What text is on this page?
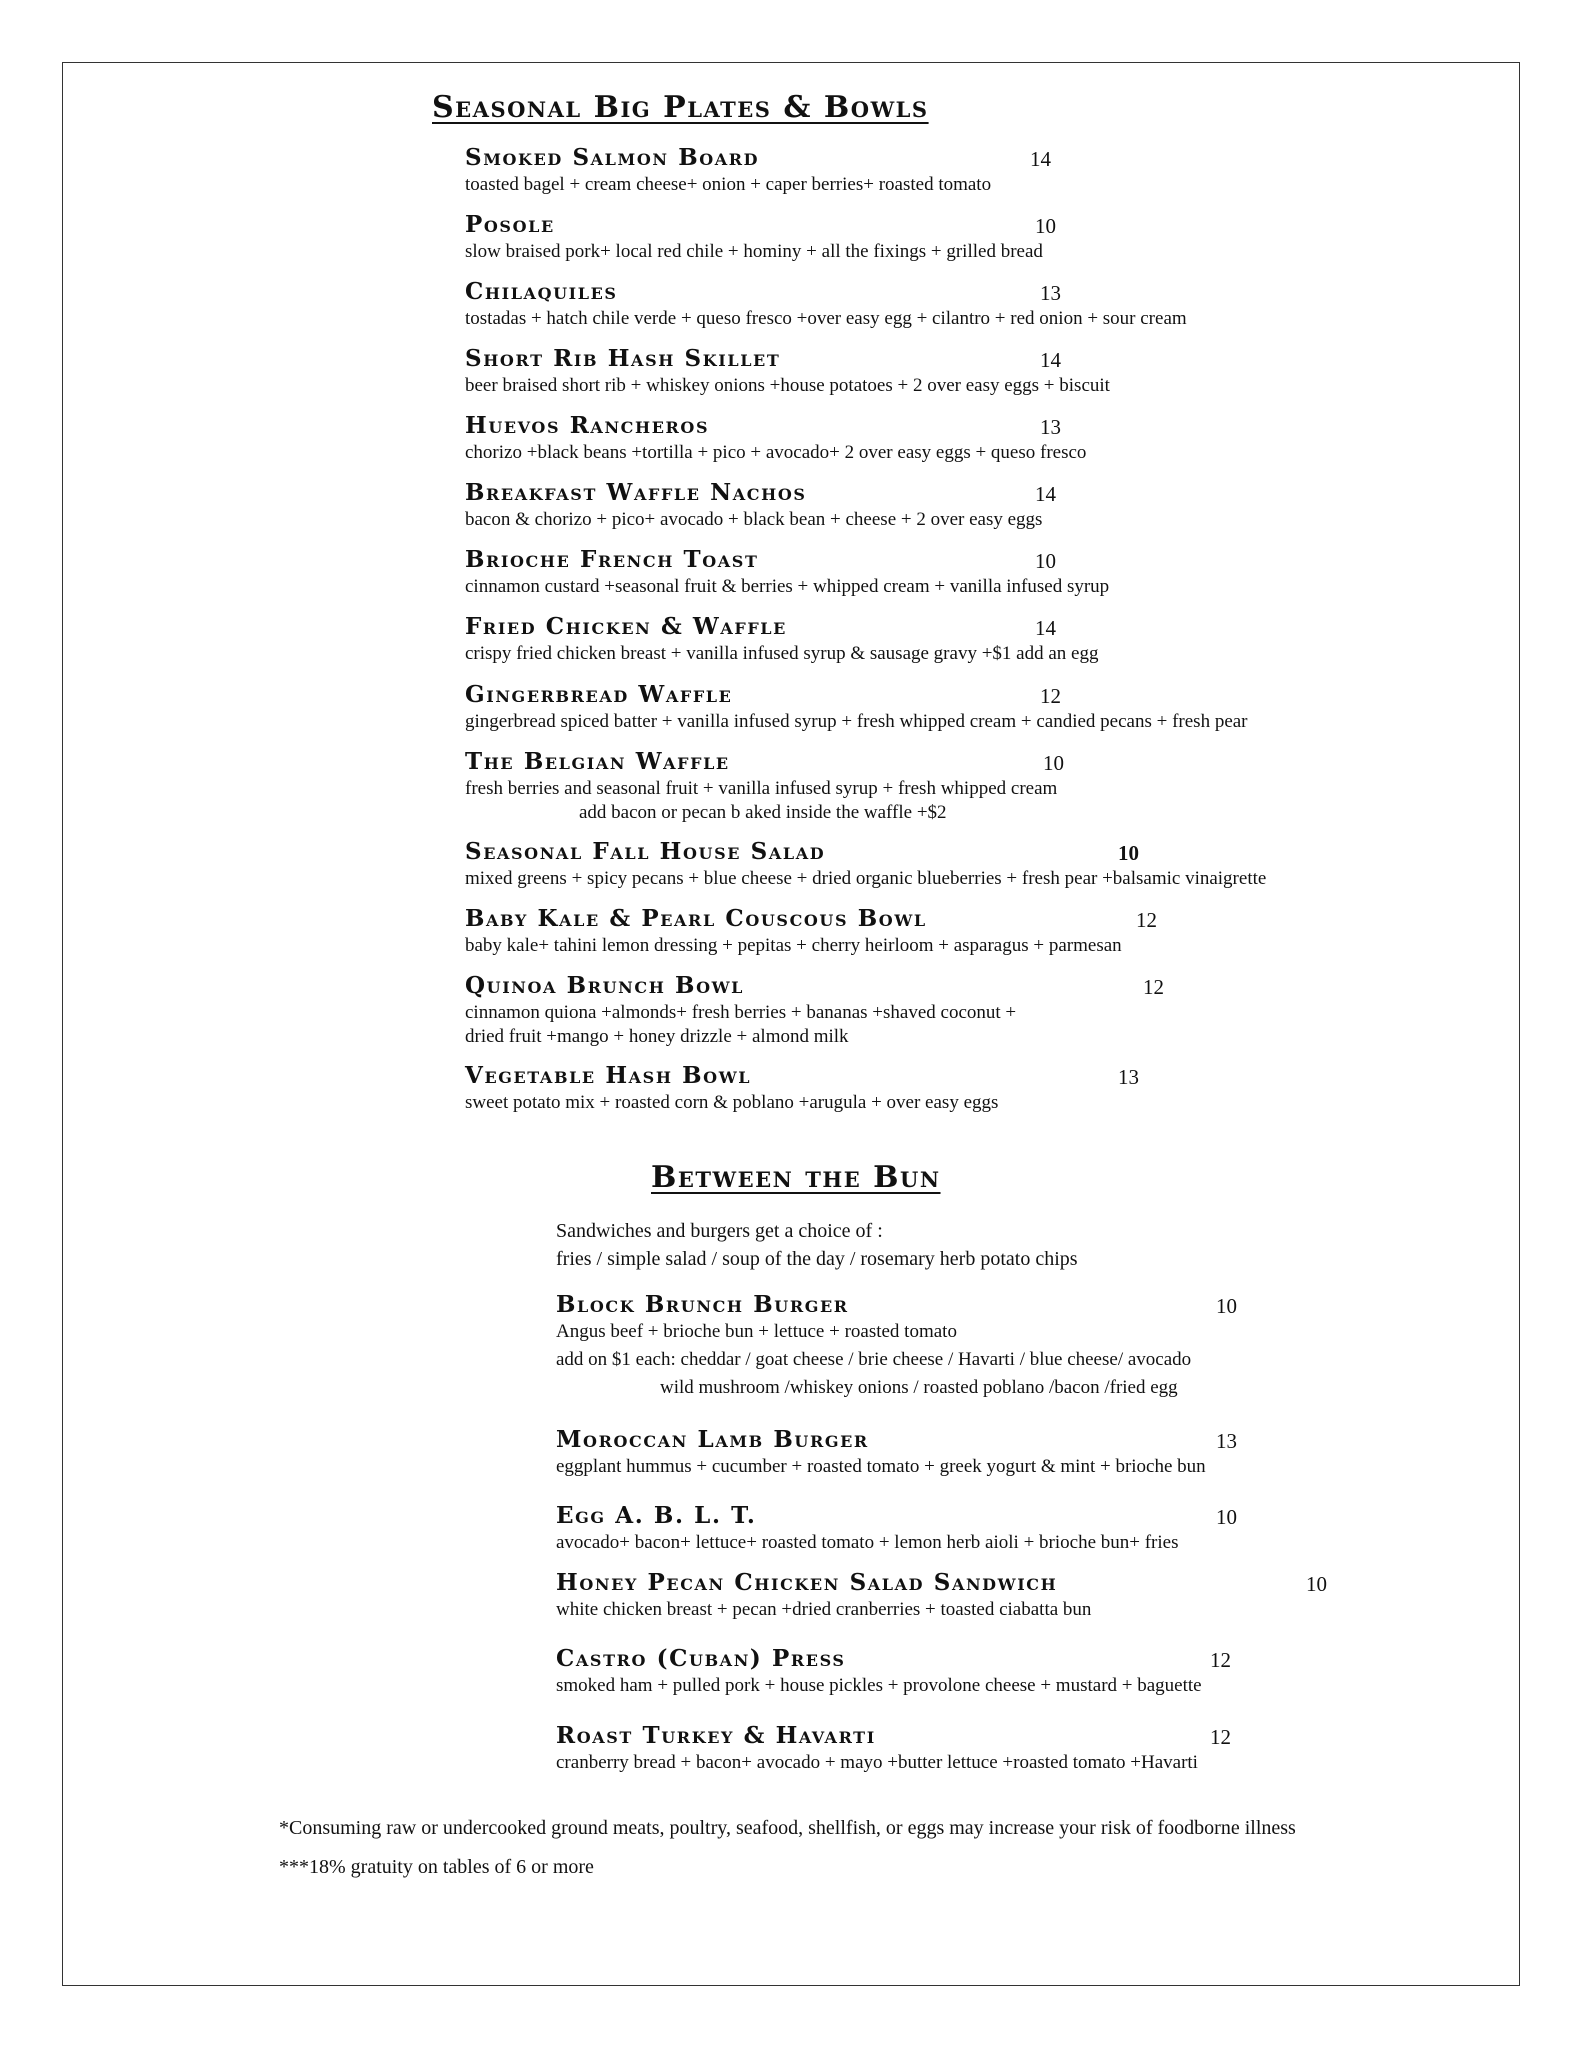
Seasonal Big Plates & Bowls
Smoked Salmon Board	14
toasted bagel + cream cheese+ onion + caper berries+ roasted tomato
Posole	10
slow braised pork+ local red chile + hominy + all the fixings + grilled bread
Chilaquiles	13
tostadas + hatch chile verde + queso fresco +over easy egg + cilantro + red onion + sour cream
Short Rib Hash Skillet	14
beer braised short rib + whiskey onions +house potatoes + 2 over easy eggs + biscuit
Huevos Rancheros	13
chorizo +black beans +tortilla + pico + avocado+ 2 over easy eggs + queso fresco
Breakfast Waffle Nachos	14
bacon & chorizo + pico+ avocado + black bean + cheese + 2 over easy eggs
Brioche French Toast	10
cinnamon custard +seasonal fruit & berries + whipped cream + vanilla infused syrup
Fried Chicken & Waffle	14
crispy fried chicken breast + vanilla infused syrup & sausage gravy +$1 add an egg
Gingerbread Waffle	12
gingerbread spiced batter + vanilla infused syrup + fresh whipped cream + candied pecans + fresh pear
The Belgian Waffle	10
fresh berries and seasonal fruit + vanilla infused syrup + fresh whipped cream
add bacon or pecan b aked inside the waffle +$2
Seasonal Fall House Salad	10
mixed greens + spicy pecans + blue cheese + dried organic blueberries + fresh pear +balsamic vinaigrette
Baby Kale & Pearl Couscous Bowl	12
baby kale+ tahini lemon dressing + pepitas + cherry heirloom + asparagus + parmesan
Quinoa Brunch Bowl	12
cinnamon quiona +almonds+ fresh berries + bananas +shaved coconut +
dried fruit +mango + honey drizzle + almond milk
Vegetable Hash Bowl	13
sweet potato mix + roasted corn & poblano +arugula + over easy eggs
Between the Bun
Sandwiches and burgers get a choice of :
fries / simple salad / soup of the day / rosemary herb potato chips
Block Brunch Burger	10
Angus beef + brioche bun + lettuce + roasted tomato
add on $1 each: cheddar / goat cheese / brie cheese / Havarti / blue cheese/ avocado
wild mushroom /whiskey onions / roasted poblano /bacon /fried egg
Moroccan Lamb Burger	13
eggplant hummus + cucumber + roasted tomato + greek yogurt & mint + brioche bun
Egg A. B. L. T.	10
avocado+ bacon+ lettuce+ roasted tomato + lemon herb aioli + brioche bun+ fries
Honey Pecan Chicken Salad Sandwich	10
white chicken breast + pecan +dried cranberries + toasted ciabatta bun
Castro (Cuban) Press	12
smoked ham + pulled pork + house pickles + provolone cheese + mustard + baguette
Roast Turkey & Havarti	12
cranberry bread + bacon+ avocado + mayo +butter lettuce +roasted tomato +Havarti
*Consuming raw or undercooked ground meats, poultry, seafood, shellfish, or eggs may increase your risk of foodborne illness
***18% gratuity on tables of 6 or more
